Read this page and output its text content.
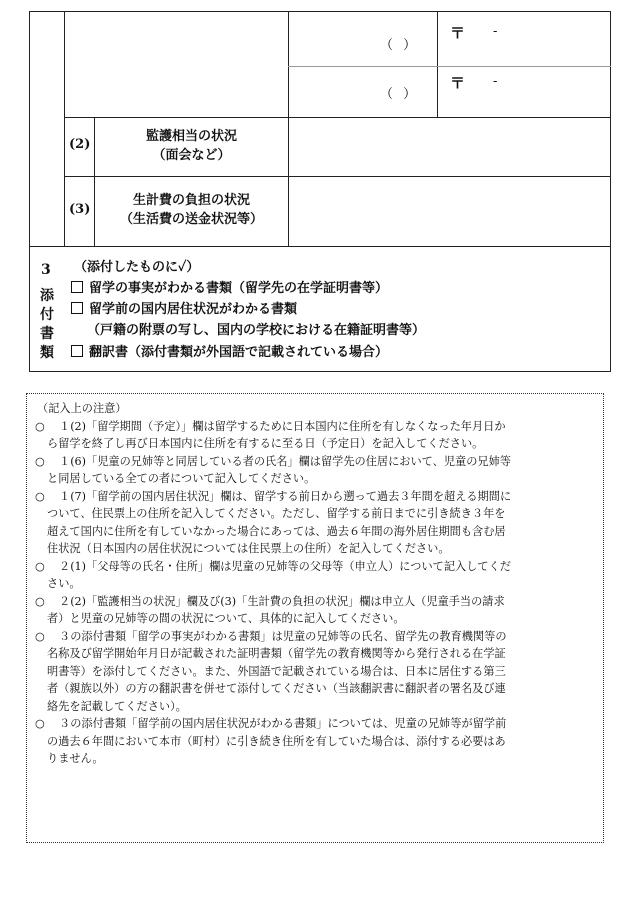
（ ）
〒 -
（ ）
〒 -
(2)
監護相当の状況
（面会など）
(3)
生計費の負担の状況
（生活費の送金状況等）
3
添
付
書
類
（添付したものに✓）
留学の事実がわかる書類（留学先の在学証明書等）
留学前の国内居住状況がわかる書類
（戸籍の附票の写し、国内の学校における在籍証明書等）
翻訳書（添付書類が外国語で記載されている場合）
（記入上の注意）
○ １(2)「留学期間（予定）」欄は留学するために日本国内に住所を有しなくなった年月日か
ら留学を終了し再び日本国内に住所を有するに至る日（予定日）を記入してください。
○ １(6)「児童の兄姉等と同居している者の氏名」欄は留学先の住居において、児童の兄姉等
と同居している全ての者について記入してください。
○ １(7)「留学前の国内居住状況」欄は、留学する前日から遡って過去３年間を超える期間に
ついて、住民票上の住所を記入してください。ただし、留学する前日までに引き続き３年を
超えて国内に住所を有していなかった場合にあっては、過去６年間の海外居住期間も含む居
住状況（日本国内の居住状況については住民票上の住所）を記入してください。
○ ２(1)「父母等の氏名・住所」欄は児童の兄姉等の父母等（申立人）について記入してくだ
さい。
○ ２(2)「監護相当の状況」欄及び(3)「生計費の負担の状況」欄は申立人（児童手当の請求
者）と児童の兄姉等の間の状況について、具体的に記入してください。
○ ３の添付書類「留学の事実がわかる書類」は児童の兄姉等の氏名、留学先の教育機関等の
名称及び留学開始年月日が記載された証明書類（留学先の教育機関等から発行される在学証
明書等）を添付してください。また、外国語で記載されている場合は、日本に居住する第三
者（親族以外）の方の翻訳書を併せて添付してください（当該翻訳書に翻訳者の署名及び連
絡先を記載してください）。
○ ３の添付書類「留学前の国内居住状況がわかる書類」については、児童の兄姉等が留学前
の過去６年間において本市（町村）に引き続き住所を有していた場合は、添付する必要はあ
りません。
